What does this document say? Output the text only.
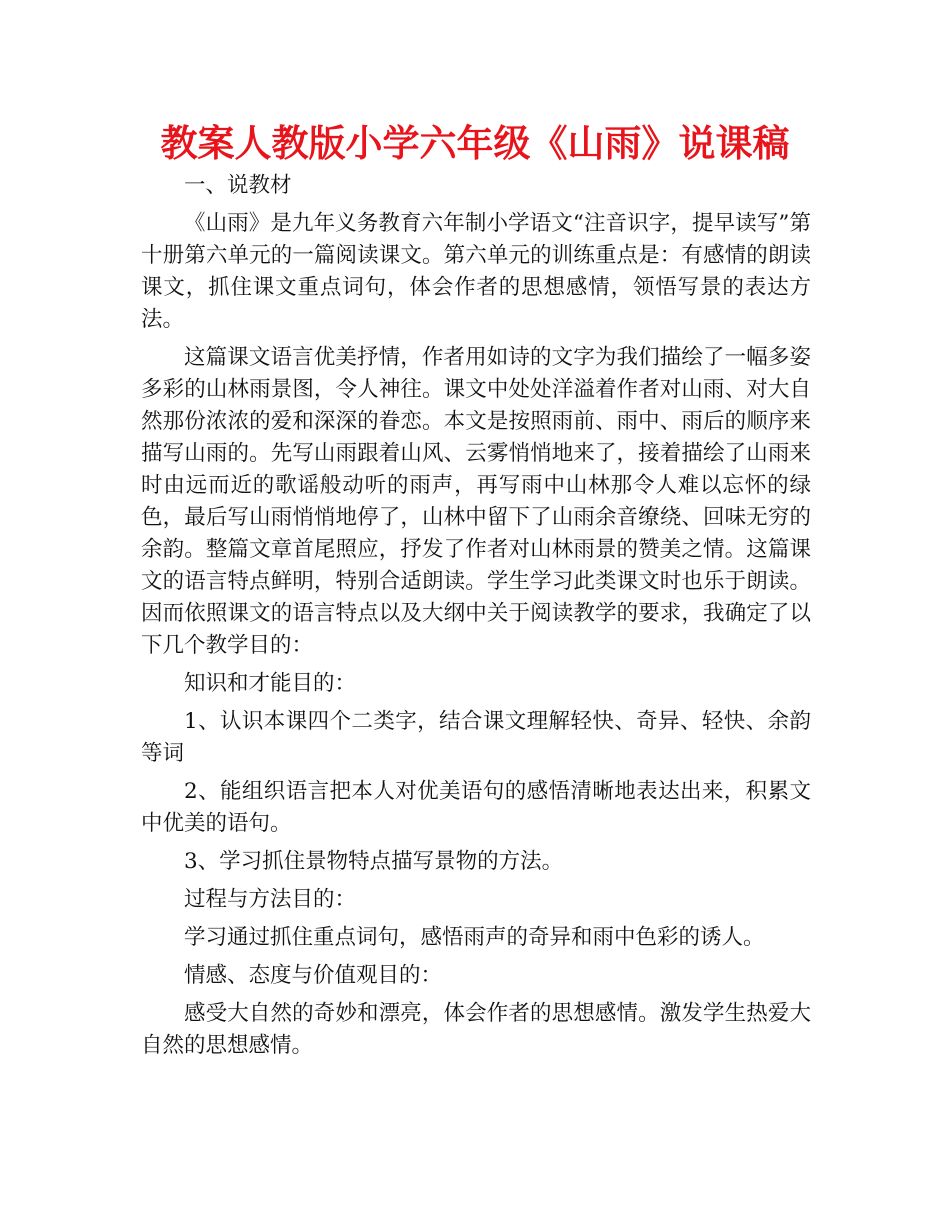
教案人教版小学六年级《山雨》说课稿

一、说教材

《山雨》是九年义务教育六年制小学语文“注音识字，提早读写”第十册第六单元的一篇阅读课文。第六单元的训练重点是：有感情的朗读课文，抓住课文重点词句，体会作者的思想感情，领悟写景的表达方法。

这篇课文语言优美抒情，作者用如诗的文字为我们描绘了一幅多姿多彩的山林雨景图，令人神往。课文中处处洋溢着作者对山雨、对大自然那份浓浓的爱和深深的眷恋。本文是按照雨前、雨中、雨后的顺序来描写山雨的。先写山雨跟着山风、云雾悄悄地来了，接着描绘了山雨来时由远而近的歌谣般动听的雨声，再写雨中山林那令人难以忘怀的绿色，最后写山雨悄悄地停了，山林中留下了山雨余音缭绕、回味无穷的余韵。整篇文章首尾照应，抒发了作者对山林雨景的赞美之情。这篇课文的语言特点鲜明，特别合适朗读。学生学习此类课文时也乐于朗读。因而依照课文的语言特点以及大纲中关于阅读教学的要求，我确定了以下几个教学目的：

知识和才能目的：

1、认识本课四个二类字，结合课文理解轻快、奇异、轻快、余韵等词

2、能组织语言把本人对优美语句的感悟清晰地表达出来，积累文中优美的语句。

3、学习抓住景物特点描写景物的方法。

过程与方法目的：

学习通过抓住重点词句，感悟雨声的奇异和雨中色彩的诱人。

情感、态度与价值观目的：

感受大自然的奇妙和漂亮，体会作者的思想感情。激发学生热爱大自然的思想感情。
